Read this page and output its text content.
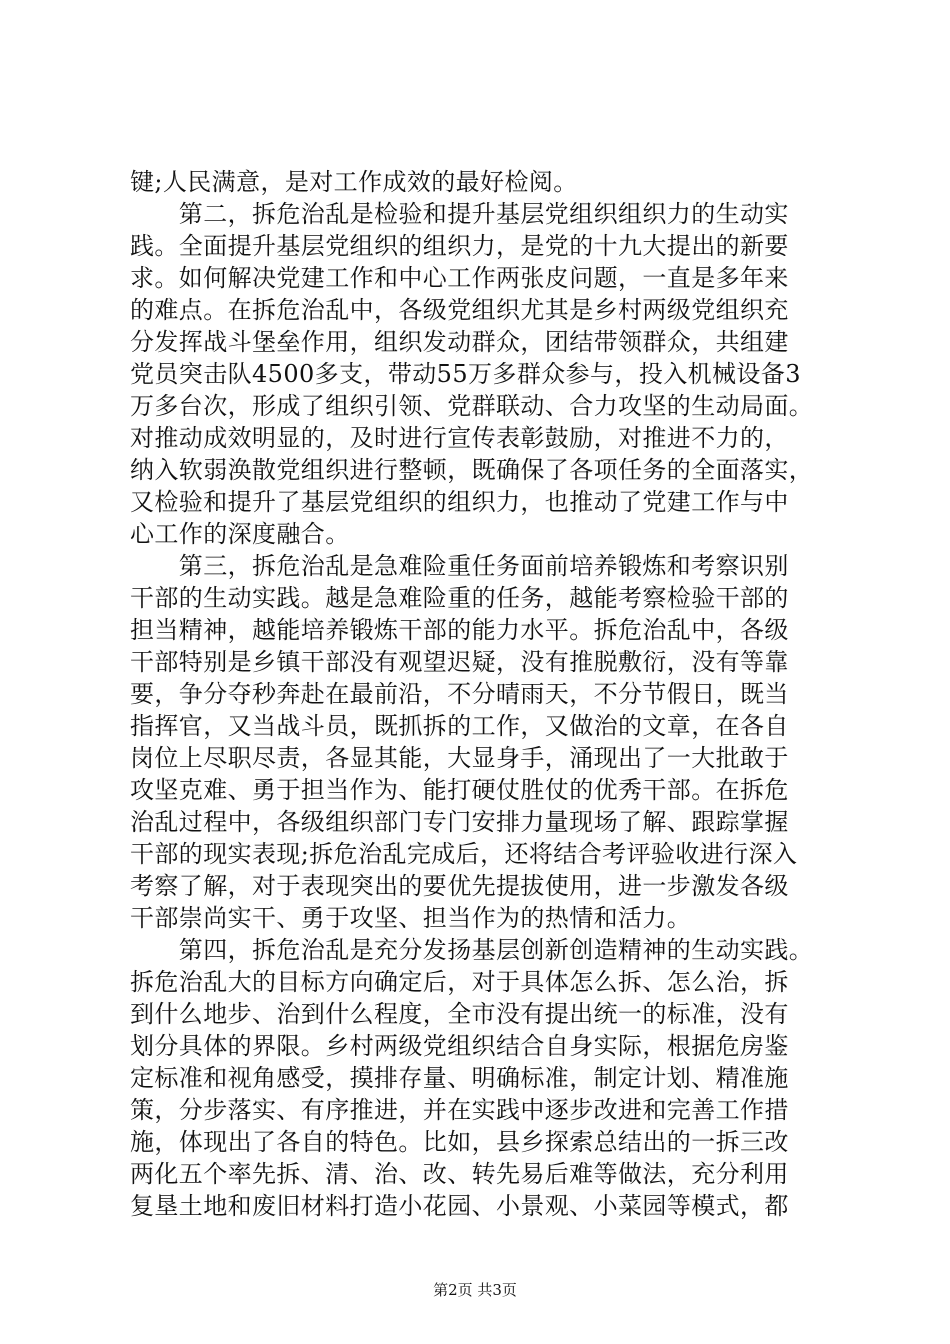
键;人民满意，是对工作成效的最好检阅。
　　第二，拆危治乱是检验和提升基层党组织组织力的生动实
践。全面提升基层党组织的组织力，是党的十九大提出的新要
求。如何解决党建工作和中心工作两张皮问题，一直是多年来
的难点。在拆危治乱中，各级党组织尤其是乡村两级党组织充
分发挥战斗堡垒作用，组织发动群众，团结带领群众，共组建
党员突击队4500多支，带动55万多群众参与，投入机械设备3
万多台次，形成了组织引领、党群联动、合力攻坚的生动局面。
对推动成效明显的，及时进行宣传表彰鼓励，对推进不力的，
纳入软弱涣散党组织进行整顿，既确保了各项任务的全面落实，
又检验和提升了基层党组织的组织力，也推动了党建工作与中
心工作的深度融合。
　　第三，拆危治乱是急难险重任务面前培养锻炼和考察识别
干部的生动实践。越是急难险重的任务，越能考察检验干部的
担当精神，越能培养锻炼干部的能力水平。拆危治乱中，各级
干部特别是乡镇干部没有观望迟疑，没有推脱敷衍，没有等靠
要，争分夺秒奔赴在最前沿，不分晴雨天，不分节假日，既当
指挥官，又当战斗员，既抓拆的工作，又做治的文章，在各自
岗位上尽职尽责，各显其能，大显身手，涌现出了一大批敢于
攻坚克难、勇于担当作为、能打硬仗胜仗的优秀干部。在拆危
治乱过程中，各级组织部门专门安排力量现场了解、跟踪掌握
干部的现实表现;拆危治乱完成后，还将结合考评验收进行深入
考察了解，对于表现突出的要优先提拔使用，进一步激发各级
干部崇尚实干、勇于攻坚、担当作为的热情和活力。
　　第四，拆危治乱是充分发扬基层创新创造精神的生动实践。
拆危治乱大的目标方向确定后，对于具体怎么拆、怎么治，拆
到什么地步、治到什么程度，全市没有提出统一的标准，没有
划分具体的界限。乡村两级党组织结合自身实际，根据危房鉴
定标准和视角感受，摸排存量、明确标准，制定计划、精准施
策，分步落实、有序推进，并在实践中逐步改进和完善工作措
施，体现出了各自的特色。比如，县乡探索总结出的一拆三改
两化五个率先拆、清、治、改、转先易后难等做法，充分利用
复垦土地和废旧材料打造小花园、小景观、小菜园等模式，都
第2页 共3页
